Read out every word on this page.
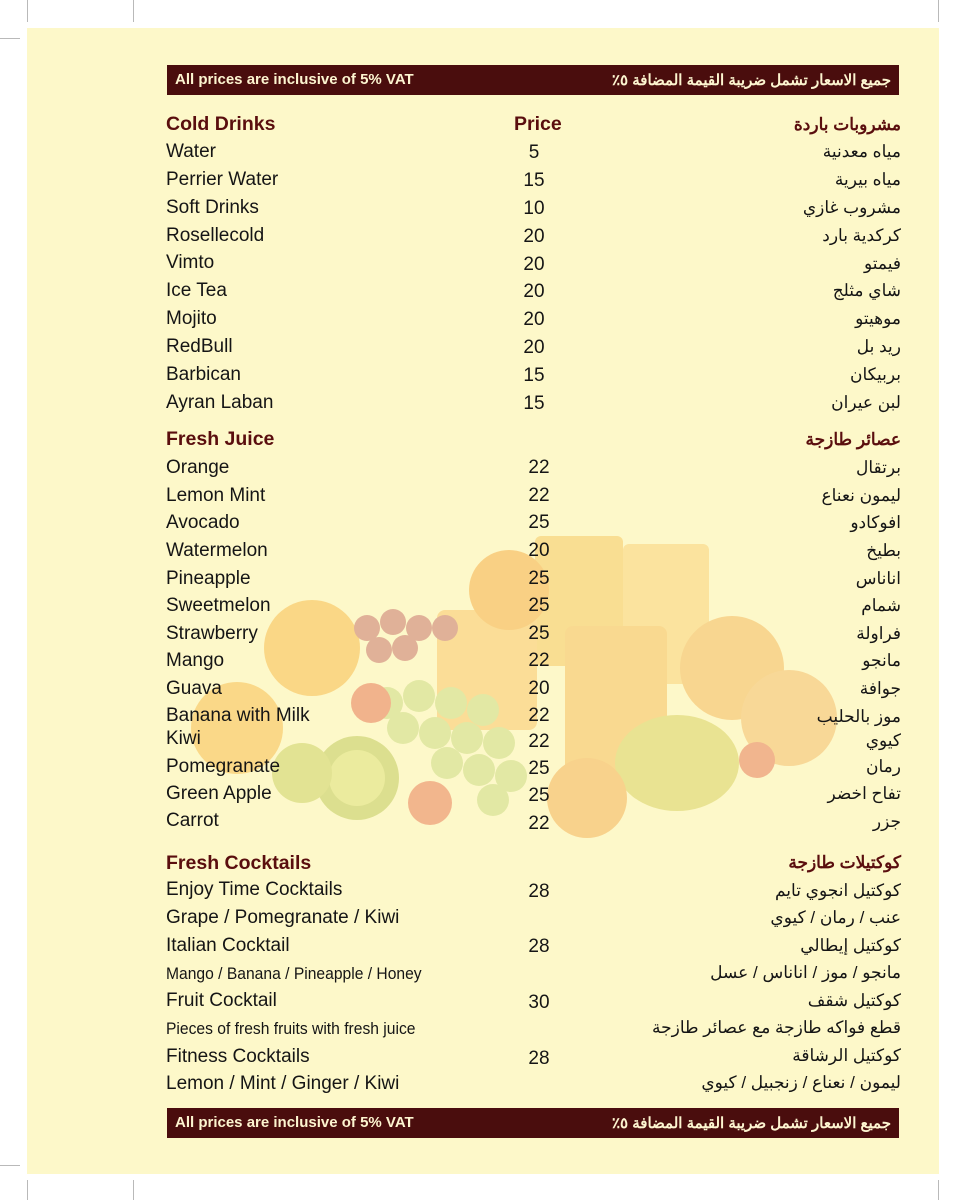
All prices are inclusive of 5% VAT	جميع الاسعار تشمل ضريبة القيمة المضافة ٥٪
Cold Drinks	Price	مشروبات باردة
Water	5	مياه معدنية
Perrier Water	15	مياه بيرية
Soft Drinks	10	مشروب غازي
Rosellecold	20	كركدية بارد
Vimto	20	فيمتو
Ice Tea	20	شاي مثلج
Mojito	20	موهيتو
RedBull	20	ريد بل
Barbican	15	بربيكان
Ayran Laban	15	لبن عيران
Fresh Juice	عصائر طازجة
Orange	22	برتقال
Lemon Mint	22	ليمون نعناع
Avocado	25	افوكادو
Watermelon	20	بطيخ
Pineapple	25	اناناس
Sweetmelon	25	شمام
Strawberry	25	فراولة
Mango	22	مانجو
Guava	20	جوافة
Banana with Milk	22	موز بالحليب
Kiwi	22	كيوي
Pomegranate	25	رمان
Green Apple	25	تفاح اخضر
Carrot	22	جزر
Fresh Cocktails	كوكتيلات طازجة
Enjoy Time Cocktails	28	كوكتيل انجوي تايم
Grape / Pomegranate / Kiwi	عنب / رمان / كيوي
Italian Cocktail	28	كوكتيل إيطالي
Mango / Banana / Pineapple / Honey	مانجو / موز / اناناس / عسل
Fruit Cocktail	30	كوكتيل شقف
Pieces of fresh fruits with fresh juice	قطع فواكه طازجة مع عصائر طازجة
Fitness Cocktails	28	كوكتيل الرشاقة
Lemon / Mint / Ginger / Kiwi	ليمون / نعناع / زنجبيل / كيوي
All prices are inclusive of 5% VAT	جميع الاسعار تشمل ضريبة القيمة المضافة ٥٪
